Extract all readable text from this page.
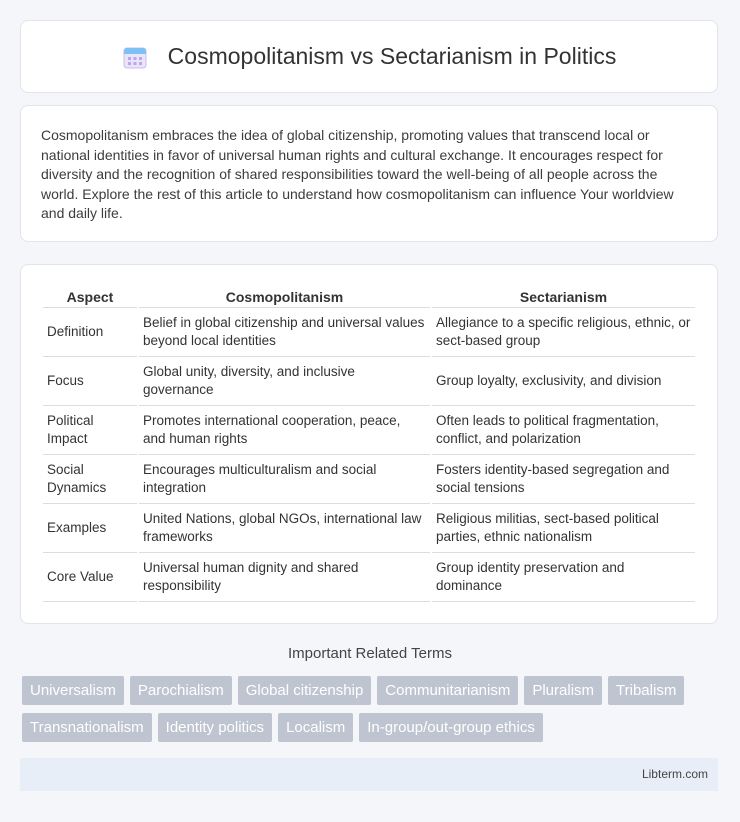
Cosmopolitanism vs Sectarianism in Politics

Cosmopolitanism embraces the idea of global citizenship, promoting values that transcend local or national identities in favor of universal human rights and cultural exchange. It encourages respect for diversity and the recognition of shared responsibilities toward the well-being of all people across the world. Explore the rest of this article to understand how cosmopolitanism can influence Your worldview and daily life.

Aspect	Cosmopolitanism	Sectarianism
Definition	Belief in global citizenship and universal values beyond local identities	Allegiance to a specific religious, ethnic, or sect-based group
Focus	Global unity, diversity, and inclusive governance	Group loyalty, exclusivity, and division
Political Impact	Promotes international cooperation, peace, and human rights	Often leads to political fragmentation, conflict, and polarization
Social Dynamics	Encourages multiculturalism and social integration	Fosters identity-based segregation and social tensions
Examples	United Nations, global NGOs, international law frameworks	Religious militias, sect-based political parties, ethnic nationalism
Core Value	Universal human dignity and shared responsibility	Group identity preservation and dominance
Important Related Terms
Universalism	Parochialism	Global citizenship	Communitarianism	Pluralism	Tribalism
Transnationalism	Identity politics	Localism	In-group/out-group ethics
Libterm.com
